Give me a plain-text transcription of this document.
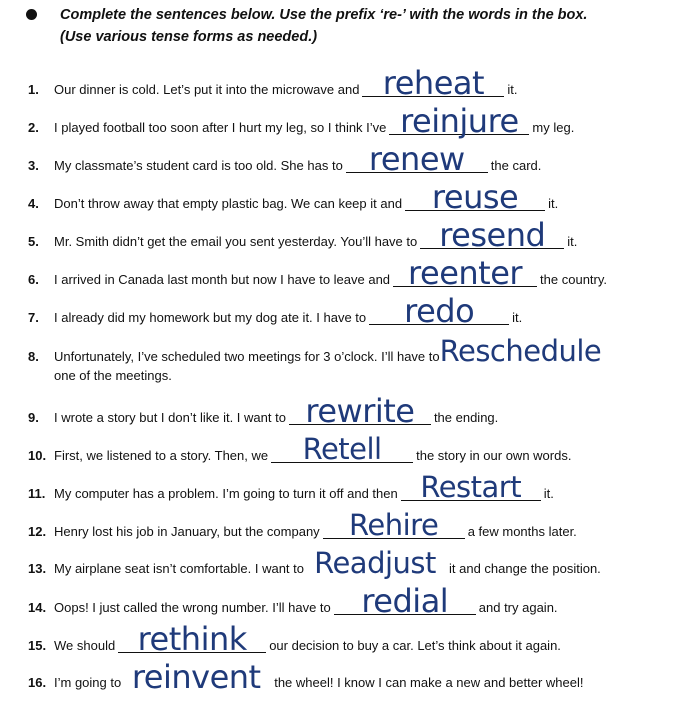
Complete the sentences below. Use the prefix ‘re-’ with the words in the box.
(Use various tense forms as needed.)
1.	Our dinner is cold. Let’s put it into the microwave and reheat	it.
2.	I played football too soon after I hurt my leg, so I think I’ve reinjure	my leg.
3.	My classmate’s student card is too old. She has to renew	the card.
4.	Don’t throw away that empty plastic bag. We can keep it and reuse	it.
5.	Mr. Smith didn’t get the email you sent yesterday. You’ll have to resend	it.
6.	I arrived in Canada last month but now I have to leave and reenter	the country.
7.	I already did my homework but my dog ate it. I have to	redo	it.
8.	Unfortunately, I’ve scheduled two meetings for 3 o’clock. I’ll have to Reschedule
one of the meetings.
9.	I wrote a story but I don’t like it. I want to rewrite	the ending.
10. First, we listened to a story. Then, we	Retell	the story in our own words.
11. My computer has a problem. I’m going to turn it off and then Restart	it.
12. Henry lost his job in January, but the company	Rehire	a few months later.
13. My airplane seat isn’t comfortable. I want to Readjust	it and change the position.
14. Oops! I just called the wrong number. I’ll have to redial	and try again.
15. We should rethink	our decision to buy a car. Let’s think about it again.
16. I’m going to reinvent	the wheel! I know I can make a new and better wheel!
